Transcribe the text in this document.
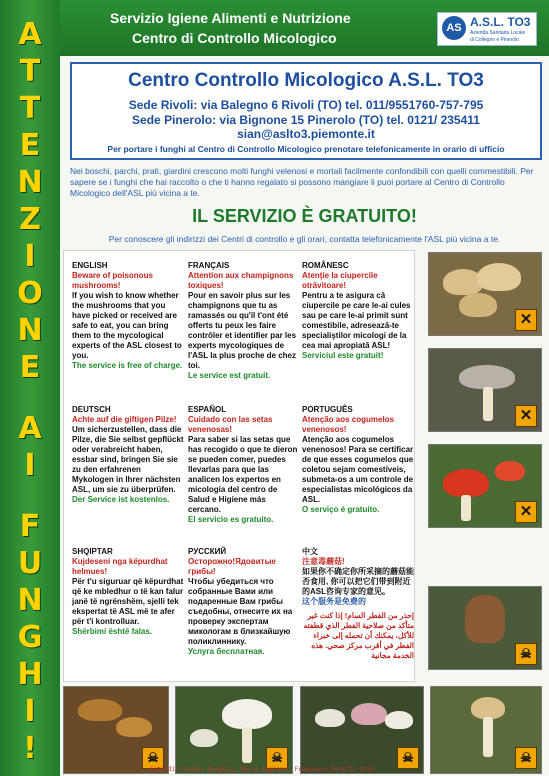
A
T
T
E
N
Z
I
O
N
E
A
I
F
U
N
G
H
I
!
Servizio Igiene Alimenti e Nutrizione
Centro di Controllo Micologico
AS A.S.L. TO3
Azienda Sanitaria Locale
di Collegno e Pinerolo
Centro Controllo Micologico A.S.L. TO3
Sede Rivoli: via Balegno 6 Rivoli (TO) tel. 011/9551760-757-795
Sede Pinerolo: via Bignone 15 Pinerolo (TO) tel. 0121/ 235411
sian@aslto3.piemonte.it
Per portare i funghi al Centro di Controllo Micologico prenotare telefonicamente in orario di ufficio
Nei boschi, parchi, prati, giardini crescono molti funghi velenosi e mortali facilmente confondibili con quelli commestibili. Per sapere se i funghi che hai raccolto o che ti hanno regalato si possono mangiare li puoi portare al Centro di Controllo Micologico dell'ASL più vicina a te.
IL SERVIZIO È GRATUITO!
Per conoscere gli indirizzi dei Centri di controllo e gli orari, contatta telefonicamente l'ASL più vicina a te.
ENGLISH
Beware of poisonous mushrooms!
If you wish to know whether the mushrooms that you have picked or received are safe to eat, you can bring them to the mycological experts of the ASL closest to you.
The service is free of charge.
FRANÇAIS
Attention aux champignons toxiques!
Pour en savoir plus sur les champignons que tu as ramassés ou qu'il t'ont été offerts tu peux les faire contrôler et identifier par les experts mycologiques de l'ASL la plus proche de chez toi.
Le service est gratuit.
ROMÂNESC
Atenţie la ciupercile otrăvitoare!
Pentru a te asigura că ciupercile pe care le-ai cules sau pe care le-ai primit sunt comestibile, adresează-te specialiştilor micologi de la cea mai apropiată ASL!
Serviciul este gratuit!
DEUTSCH
Achte auf die giftigen Pilze!
Um sicherzustellen, dass die Pilze, die Sie selbst gepflückt oder verabreicht haben, essbar sind, bringen Sie sie zu den erfahrenen Mykologen in Ihrer nächsten ASL, um sie zu überprüfen.
Der Service ist kostenlos.
ESPAÑOL
Cuidado con las setas venenosas!
Para saber si las setas que has recogido o que te dieron se pueden comer, puedes llevarlas para que las analicen los expertos en micología del centro de Salud e Higiene más cercano.
El servicio es gratuito.
PORTUGUÊS
Atenção aos cogumelos venenosos!
Atenção aos cogumelos venenosos! Para se certificar de que esses cogumelos que coletou sejam comestíveis, submeta-os a um controle de especialistas micológicos da ASL.
O serviço é gratuito.
SHQIPTAR
Kujdeseni nga këpurdhat helmues!
Për t'u siguruar që këpurdhat që ke mbledhur o të kan falur janë të ngrënshëm, sjelli tek ekspertat të ASL më te afer për t'i kontrolluar.
Shërbimi është falas.
РУССКИЙ
Осторожно!Ядовитые грибы!
Чтобы убедиться что собранные Вами или подаренные Вам грибы съедобны, отнесите их на проверку экспертам микологам в близкайшую поликлиннику.
Услуга бесплатная.
中文
注意毒蘑菇!
如果你不确定你所采摘的蘑菇能否食用, 你可以把它们带到附近的ASL咨询专家的意见。
这个服务是免费的
إحذر من الفطر السام! إذا كنت غير متأكد من صلاحية الفطر الذي قطفته للأكل، يمكنك أن تحمله إلى خبراء الفطر في أقرب مركز صحي. هذه الخدمة مجانية
✕
✕
✕
☠
☠	☠	☠	☠
Foto di Claudio Ovaglia, Mario Sagiano, Francesco Peretti Colò
